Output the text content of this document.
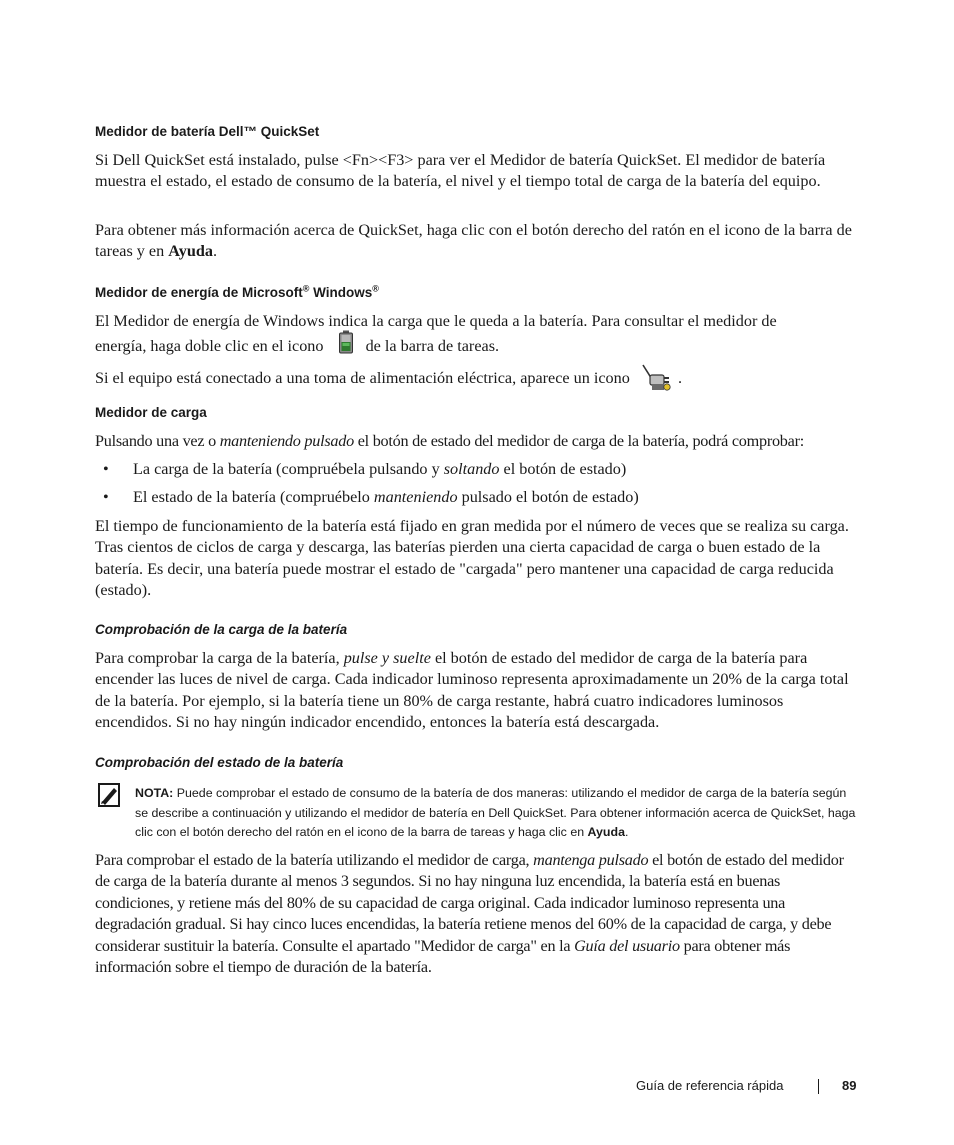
Medidor de batería Dell™ QuickSet

Si Dell QuickSet está instalado, pulse <Fn><F3> para ver el Medidor de batería QuickSet. El medidor de batería muestra el estado, el estado de consumo de la batería, el nivel y el tiempo total de carga de la batería del equipo.

Para obtener más información acerca de QuickSet, haga clic con el botón derecho del ratón en el icono de la barra de tareas y en Ayuda.

Medidor de energía de Microsoft® Windows®

El Medidor de energía de Windows indica la carga que le queda a la batería. Para consultar el medidor de
energía, haga doble clic en el icono	de la barra de tareas.

Si el equipo está conectado a una toma de alimentación eléctrica, aparece un icono	.

Medidor de carga

Pulsando una vez o manteniendo pulsado el botón de estado del medidor de carga de la batería, podrá comprobar:

• La carga de la batería (compruébela pulsando y soltando el botón de estado)
• El estado de la batería (compruébelo manteniendo pulsado el botón de estado)

El tiempo de funcionamiento de la batería está fijado en gran medida por el número de veces que se realiza su carga. Tras cientos de ciclos de carga y descarga, las baterías pierden una cierta capacidad de carga o buen estado de la batería. Es decir, una batería puede mostrar el estado de "cargada" pero mantener una capacidad de carga reducida (estado).

Comprobación de la carga de la batería

Para comprobar la carga de la batería, pulse y suelte el botón de estado del medidor de carga de la batería para encender las luces de nivel de carga. Cada indicador luminoso representa aproximadamente un 20% de la carga total de la batería. Por ejemplo, si la batería tiene un 80% de carga restante, habrá cuatro indicadores luminosos encendidos. Si no hay ningún indicador encendido, entonces la batería está descargada.

Comprobación del estado de la batería
NOTA: Puede comprobar el estado de consumo de la batería de dos maneras: utilizando el medidor de carga de la batería según se describe a continuación y utilizando el medidor de batería en Dell QuickSet. Para obtener información acerca de QuickSet, haga clic con el botón derecho del ratón en el icono de la barra de tareas y haga clic en Ayuda.

Para comprobar el estado de la batería utilizando el medidor de carga, mantenga pulsado el botón de estado del medidor de carga de la batería durante al menos 3 segundos. Si no hay ninguna luz encendida, la batería está en buenas condiciones, y retiene más del 80% de su capacidad de carga original. Cada indicador luminoso representa una degradación gradual. Si hay cinco luces encendidas, la batería retiene menos del 60% de la capacidad de carga, y debe considerar sustituir la batería. Consulte el apartado "Medidor de carga" en la Guía del usuario para obtener más información sobre el tiempo de duración de la batería.

Guía de referencia rápida	89
